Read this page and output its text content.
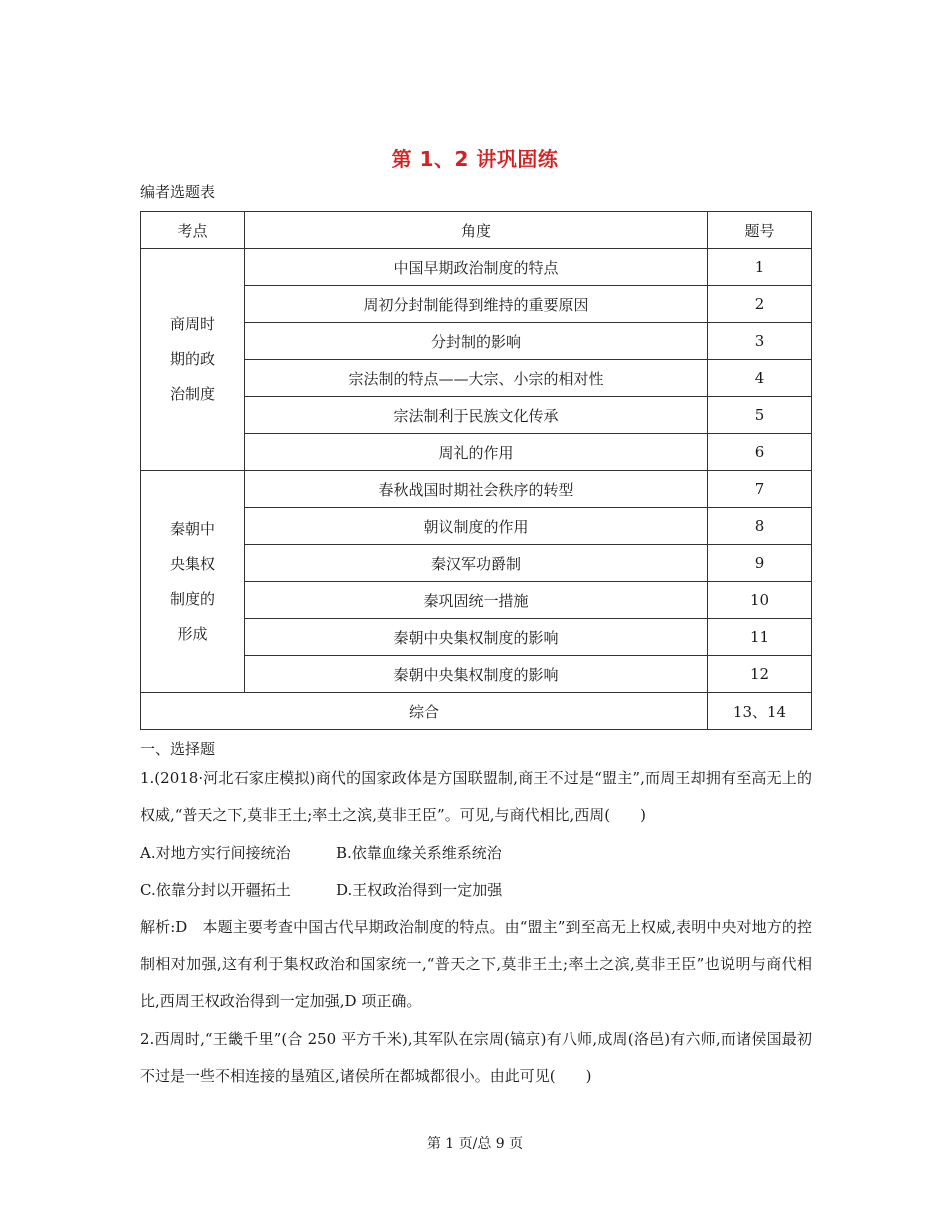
第 1、2 讲巩固练
编者选题表
考点	角度	题号

商周时
期的政
治制度	中国早期政治制度的特点	1
	周初分封制能得到维持的重要原因	2
	分封制的影响	3
	宗法制的特点——大宗、小宗的相对性	4
	宗法制利于民族文化传承	5
	周礼的作用	6

秦朝中
央集权
制度的
形成	春秋战国时期社会秩序的转型	7
	朝议制度的作用	8
	秦汉军功爵制	9
	秦巩固统一措施	10
	秦朝中央集权制度的影响	11
	秦朝中央集权制度的影响	12
综合		13、14
一、选择题

1.(2018·河北石家庄模拟)商代的国家政体是方国联盟制,商王不过是“盟主”,而周王却拥有至高无上的权威,“普天之下,莫非王土;率土之滨,莫非王臣”。可见,与商代相比,西周(　　)

A.对地方实行间接统治	B.依靠血缘关系维系统治
C.依靠分封以开疆拓土	D.王权政治得到一定加强

解析:D　本题主要考查中国古代早期政治制度的特点。由“盟主”到至高无上权威,表明中央对地方的控制相对加强,这有利于集权政治和国家统一,“普天之下,莫非王土;率土之滨,莫非王臣”也说明与商代相比,西周王权政治得到一定加强,D 项正确。

2.西周时,“王畿千里”(合 250 平方千米),其军队在宗周(镐京)有八师,成周(洛邑)有六师,而诸侯国最初不过是一些不相连接的垦殖区,诸侯所在都城都很小。由此可见(　　)

第 1 页/总 9 页
